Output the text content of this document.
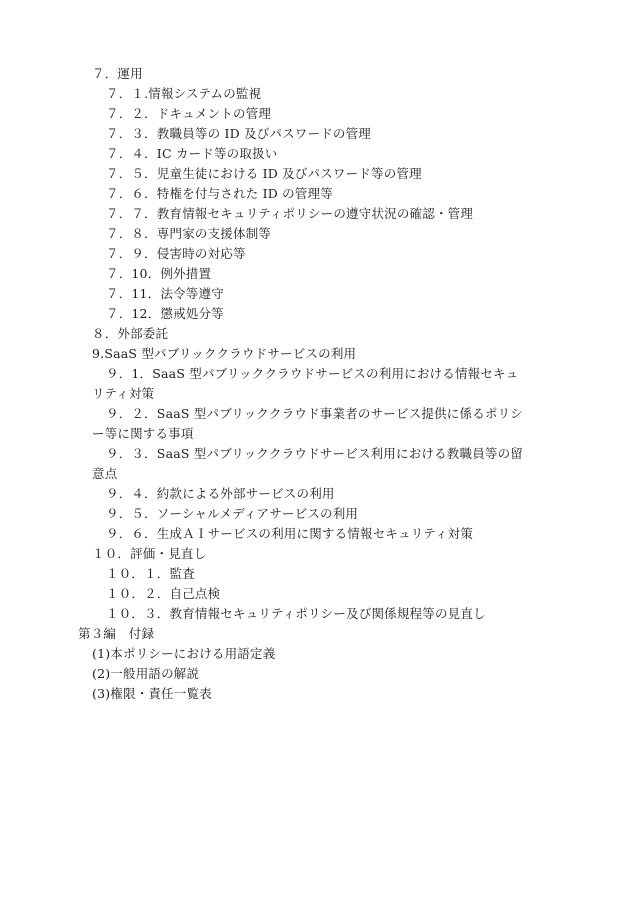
７．運用
７．１.情報システムの監視
７．２．ドキュメントの管理
７．３．教職員等の ID 及びパスワードの管理
７．４．IC カード等の取扱い
７．５．児童生徒における ID 及びパスワード等の管理
７．６．特権を付与された ID の管理等
７．７．教育情報セキュリティポリシーの遵守状況の確認・管理
７．８．専門家の支援体制等
７．９．侵害時の対応等
７．10．例外措置
７．11．法令等遵守
７．12．懲戒処分等
８．外部委託
9.SaaS 型パブリッククラウドサービスの利用
９．1．SaaS 型パブリッククラウドサービスの利用における情報セキュ
リティ対策
９．２．SaaS 型パブリッククラウド事業者のサービス提供に係るポリシ
ー等に関する事項
９．３．SaaS 型パブリッククラウドサービス利用における教職員等の留
意点
９．４．約款による外部サービスの利用
９．５．ソーシャルメディアサービスの利用
９．６．生成ＡＩサービスの利用に関する情報セキュリティ対策
１０．評価・見直し
１０．１．監査
１０．２．自己点検
１０．３．教育情報セキュリティポリシー及び関係規程等の見直し
第３編　付録
(1)本ポリシーにおける用語定義
(2)一般用語の解説
(3)権限・責任一覧表
